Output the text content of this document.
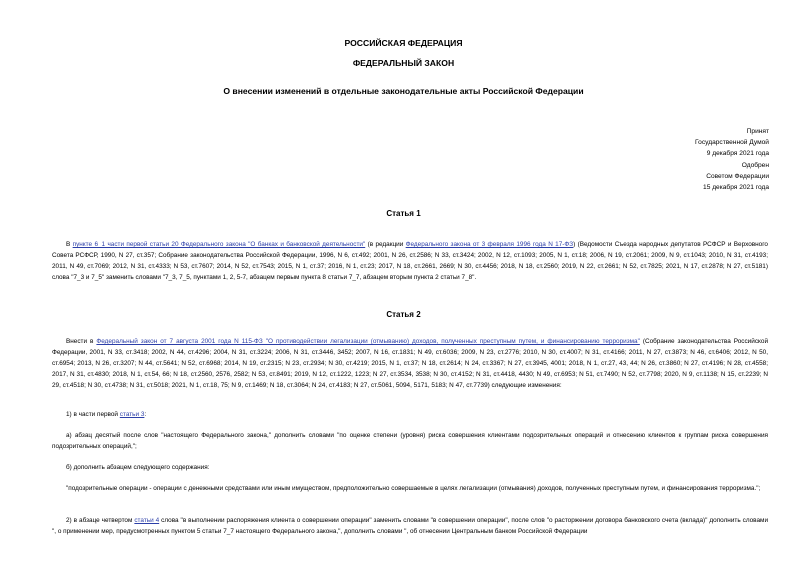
РОССИЙСКАЯ ФЕДЕРАЦИЯ
ФЕДЕРАЛЬНЫЙ ЗАКОН
О внесении изменений в отдельные законодательные акты Российской Федерации
Принят
Государственной Думой
9 декабря 2021 года
Одобрен
Советом Федерации
15 декабря 2021 года
Статья 1

В пункте 6_1 части первой статьи 20 Федерального закона "О банках и банковской деятельности" (в редакции Федерального закона от 3 февраля 1996 года N 17-ФЗ) (Ведомости Съезда народных депутатов РСФСР и Верховного Совета РСФСР, 1990, N 27, ст.357; Собрание законодательства Российской Федерации, 1996, N 6, ст.492; 2001, N 26, ст.2586; N 33, ст.3424; 2002, N 12, ст.1093; 2005, N 1, ст.18; 2006, N 19, ст.2061; 2009, N 9, ст.1043; 2010, N 31, ст.4193; 2011, N 49, ст.7069; 2012, N 31, ст.4333; N 53, ст.7607; 2014, N 52, ст.7543; 2015, N 1, ст.37; 2016, N 1, ст.23; 2017, N 18, ст.2661, 2669; N 30, ст.4456; 2018, N 18, ст.2560; 2019, N 22, ст.2661; N 52, ст.7825; 2021, N 17, ст.2878; N 27, ст.5181) слова "7_3 и 7_5" заменить словами "7_3, 7_5, пунктами 1, 2, 5-7, абзацем первым пункта 8 статьи 7_7, абзацем вторым пункта 2 статьи 7_8".

Статья 2

Внести в Федеральный закон от 7 августа 2001 года N 115-ФЗ "О противодействии легализации (отмыванию) доходов, полученных преступным путем, и финансированию терроризма" (Собрание законодательства Российской Федерации, 2001, N 33, ст.3418; 2002, N 44, ст.4296; 2004, N 31, ст.3224; 2006, N 31, ст.3446, 3452; 2007, N 16, ст.1831; N 49, ст.6036; 2009, N 23, ст.2776; 2010, N 30, ст.4007; N 31, ст.4166; 2011, N 27, ст.3873; N 46, ст.6406; 2012, N 50, ст.6954; 2013, N 26, ст.3207; N 44, ст.5641; N 52, ст.6968; 2014, N 19, ст.2315; N 23, ст.2934; N 30, ст.4219; 2015, N 1, ст.37; N 18, ст.2614; N 24, ст.3367; N 27, ст.3945, 4001; 2018, N 1, ст.27, 43, 44; N 26, ст.3860; N 27, ст.4196; N 28, ст.4558; 2017, N 31, ст.4830; 2018, N 1, ст.54, 66; N 18, ст.2560, 2576, 2582; N 53, ст.8491; 2019, N 12, ст.1222, 1223; N 27, ст.3534, 3538; N 30, ст.4152; N 31, ст.4418, 4430; N 49, ст.6953; N 51, ст.7490; N 52, ст.7798; 2020, N 9, ст.1138; N 15, ст.2239; N 29, ст.4518; N 30, ст.4738; N 31, ст.5018; 2021, N 1, ст.18, 75; N 9, ст.1469; N 18, ст.3064; N 24, ст.4183; N 27, ст.5061, 5094, 5171, 5183; N 47, ст.7739) следующие изменения:

1) в части первой статьи 3:

а) абзац десятый после слов "настоящего Федерального закона," дополнить словами "по оценке степени (уровня) риска совершения клиентами подозрительных операций и отнесению клиентов к группам риска совершения подозрительных операций,";

б) дополнить абзацем следующего содержания:

"подозрительные операции - операции с денежными средствами или иным имуществом, предположительно совершаемые в целях легализации (отмывания) доходов, полученных преступным путем, и финансирования терроризма.";

2) в абзаце четвертом статьи 4 слова "в выполнении распоряжения клиента о совершении операции" заменить словами "в совершении операции", после слов "о расторжении договора банковского счета (вклада)" дополнить словами ", о применении мер, предусмотренных пунктом 5 статьи 7_7 настоящего Федерального закона,", дополнить словами ", об отнесении Центральным банком Российской Федерации
